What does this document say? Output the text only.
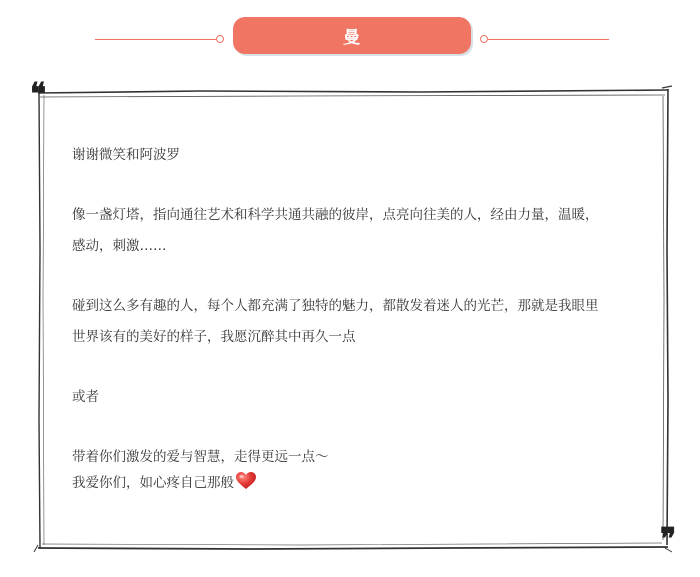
曼
❝
❞

谢谢微笑和阿波罗

像一盏灯塔，指向通往艺术和科学共通共融的彼岸，点亮向往美的人，经由力量，温暖，
感动，刺激……

碰到这么多有趣的人，每个人都充满了独特的魅力，都散发着迷人的光芒，那就是我眼里
世界该有的美好的样子，我愿沉醉其中再久一点

或者

带着你们激发的爱与智慧，走得更远一点～
我爱你们，如心疼自己那般
